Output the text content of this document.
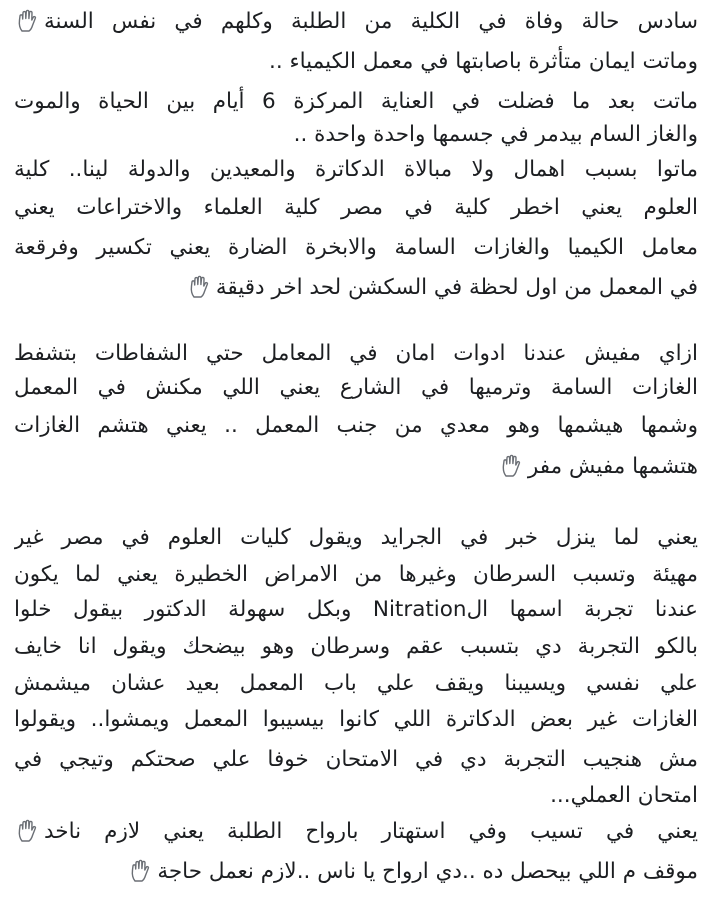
سادس حالة وفاة في الكلية من الطلبة وكلهم في نفس السنة
وماتت ايمان متأثرة باصابتها في معمل الكيمياء ..
ماتت بعد ما فضلت في العناية المركزة 6 أيام بين الحياة والموت
والغاز السام بيدمر في جسمها واحدة واحدة ..
ماتوا بسبب اهمال ولا مبالاة الدكاترة والمعيدين والدولة لينا.. كلية
العلوم يعني اخطر كلية في مصر كلية العلماء والاختراعات يعني
معامل الكيميا والغازات السامة والابخرة الضارة يعني تكسير وفرقعة
في المعمل من اول لحظة في السكشن لحد اخر دقيقة
ازاي مفيش عندنا ادوات امان في المعامل حتي الشفاطات بتشفط
الغازات السامة وترميها في الشارع يعني اللي مكنش في المعمل
وشمها هيشمها وهو معدي من جنب المعمل .. يعني هتشم الغازات
هتشمها مفيش مفر
يعني لما ينزل خبر في الجرايد ويقول كليات العلوم في مصر غير
مهيئة وتسبب السرطان وغيرها من الامراض الخطيرة يعني لما يكون
عندنا تجربة اسمها الNitration وبكل سهولة الدكتور بيقول خلوا
بالكو التجربة دي بتسبب عقم وسرطان وهو بيضحك ويقول انا خايف
علي نفسي ويسيبنا ويقف علي باب المعمل بعيد عشان ميشمش
الغازات غير بعض الدكاترة اللي كانوا بيسيبوا المعمل ويمشوا.. ويقولوا
مش هنجيب التجربة دي في الامتحان خوفا علي صحتكم وتيجي في
امتحان العملي...
يعني في تسيب وفي استهتار بارواح الطلبة يعني لازم ناخد
موقف م اللي بيحصل ده ..دي ارواح يا ناس ..لازم نعمل حاجة
